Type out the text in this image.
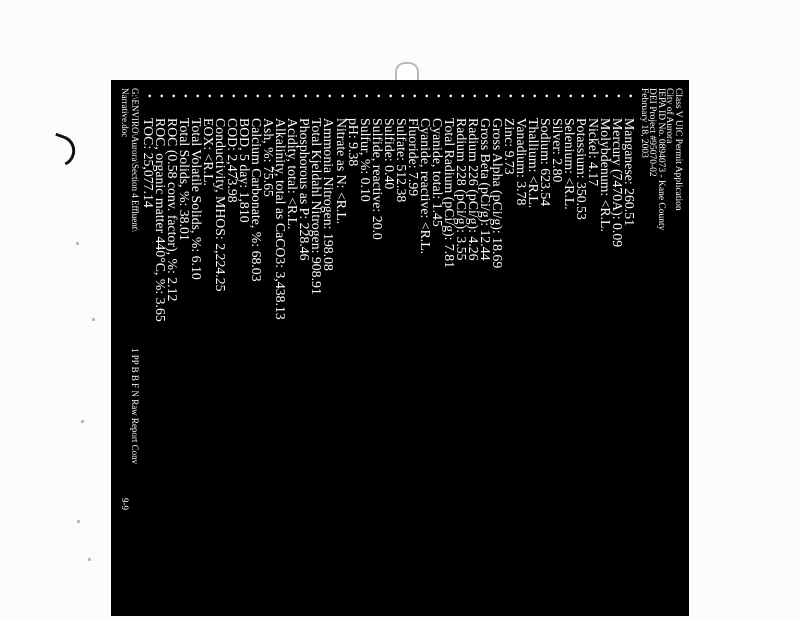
Class V UIC Permit Application
City of Aurora
IEPA ID No. 0894073 - Kane County
DEI Project #95070-02
February 18, 2003
•
Manganese: 260.51
•
Mercury (7470A): 0.09
•
Molybdenum: <R.L.
•
Nickel: 4.17
•
Potassium: 350.53
•
Selenium: <R.L.
•
Silver: 2.80
•
Sodium: 623.54
•
Thallium: <R.L.
•
Vanadium: 3.78
•
Zinc: 9.73
•
Gross Alpha (pCi/g): 18.69
•
Gross Beta (pCi/g): 12.44
•
Radium 226 (pCi/g): 4.26
•
Radium 228 (pCi/g): 3.55
•
Total Radium (pCi/g): 7.81
•
Cyanide, total: 1.45
•
Cyanide, reactive: <R.L.
•
Fluoride: 7.99
•
Sulfate: 512.38
•
Sulfide: 0.40
•
Sulfide, reactive: 20.0
•
Sulfur, %: 0.10
•
pH: 9.38
•
Nitrate as N: <R.L.
•
Ammonia Nitrogen: 198.08
•
Total Kjeldahl Nitrogen: 908.91
•
Phosphorous as P: 228.46
•
Acidity, total: <R.L.
•
Alkalinity, total as CaCO3: 3,438.13
•
Ash, %: 75.65
•
Calcium Carbonate, %: 68.03
•
BOD, 5 day: 1,810
•
COD: 2,473.98
•
Conductivity, MHOS: 2,224.25
•
EOX: <R.L.
•
Total Volatile Solids, %: 6.10
•
Total Solids, %: 38.01
•
ROC (0.58 conv. factor), %: 2.12
•
ROC, organic matter 440°C, %: 3.65
•
TOC: 25,077.14
G:\ENVIRO\Aurora\Section 4 Effluent\
Narrative.doc
1 PP B B F N Raw Report Conv
9-9
